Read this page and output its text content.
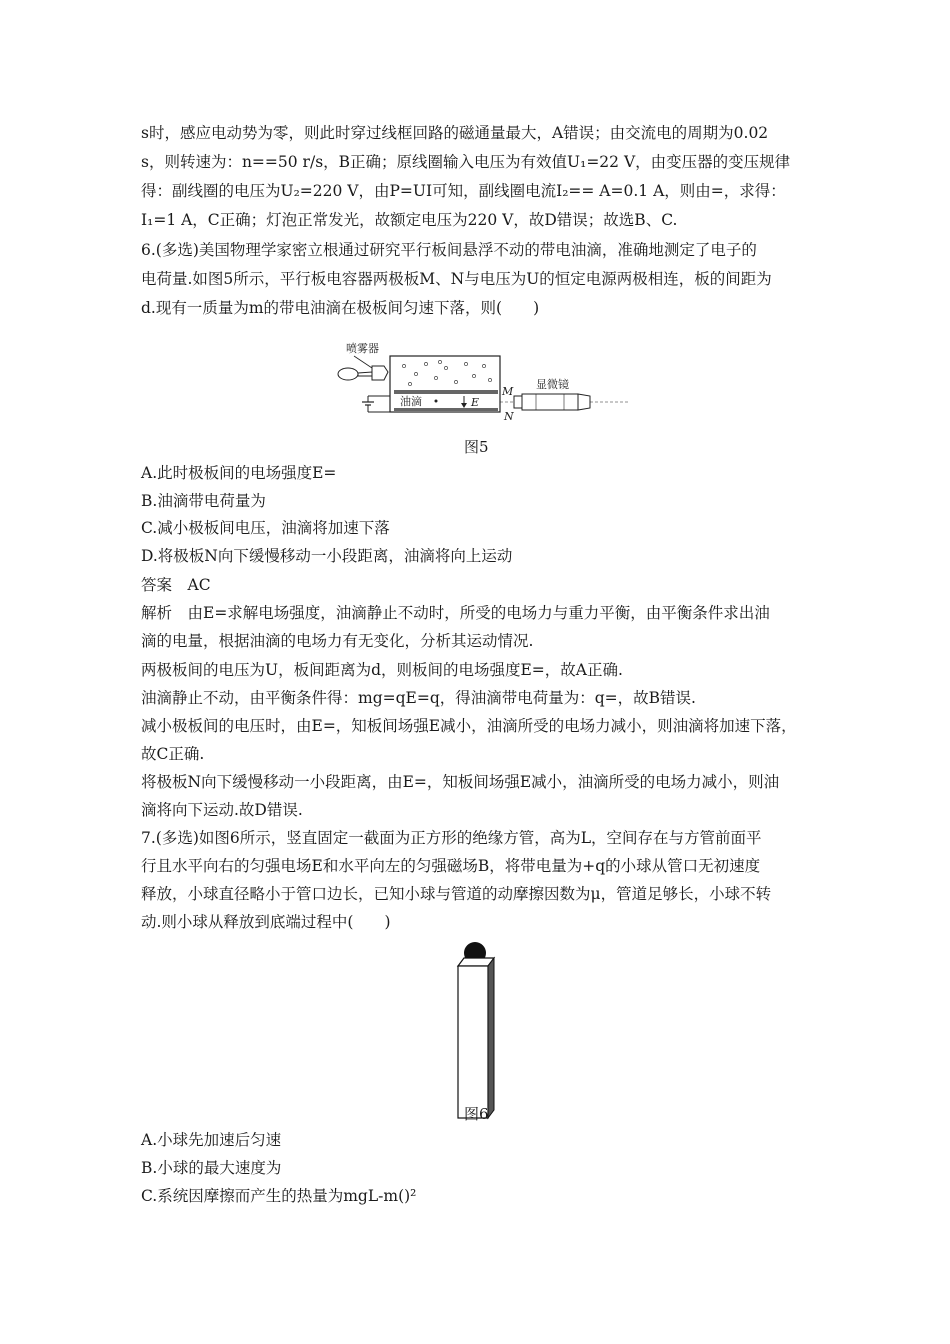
s时，感应电动势为零，则此时穿过线框回路的磁通量最大，A错误；由交流电的周期为0.02
s，则转速为：n==50 r/s，B正确；原线圈输入电压为有效值U₁=22 V，由变压器的变压规律
得：副线圈的电压为U₂=220 V，由P=UI可知，副线圈电流I₂== A=0.1 A，则由=，求得：
I₁=1 A，C正确；灯泡正常发光，故额定电压为220 V，故D错误；故选B、C.
6.(多选)美国物理学家密立根通过研究平行板间悬浮不动的带电油滴，准确地测定了电子的
电荷量.如图5所示，平行板电容器两极板M、N与电压为U的恒定电源两极相连，板的间距为
d.现有一质量为m的带电油滴在极板间匀速下落，则(　　)
喷雾器
油滴	E
M
N
显微镜
图5
A.此时极板间的电场强度E=
B.油滴带电荷量为
C.减小极板间电压，油滴将加速下落
D.将极板N向下缓慢移动一小段距离，油滴将向上运动
答案　AC
解析　由E=求解电场强度，油滴静止不动时，所受的电场力与重力平衡，由平衡条件求出油
滴的电量，根据油滴的电场力有无变化，分析其运动情况.
两极板间的电压为U，板间距离为d，则板间的电场强度E=，故A正确.
油滴静止不动，由平衡条件得：mg=qE=q，得油滴带电荷量为：q=，故B错误.
减小极板间的电压时，由E=，知板间场强E减小，油滴所受的电场力减小，则油滴将加速下落，
故C正确.
将极板N向下缓慢移动一小段距离，由E=，知板间场强E减小，油滴所受的电场力减小，则油
滴将向下运动.故D错误.
7.(多选)如图6所示，竖直固定一截面为正方形的绝缘方管，高为L，空间存在与方管前面平
行且水平向右的匀强电场E和水平向左的匀强磁场B，将带电量为+q的小球从管口无初速度
释放，小球直径略小于管口边长，已知小球与管道的动摩擦因数为μ，管道足够长，小球不转
动.则小球从释放到底端过程中(　　)
图6
A.小球先加速后匀速
B.小球的最大速度为
C.系统因摩擦而产生的热量为mgL-m()²
